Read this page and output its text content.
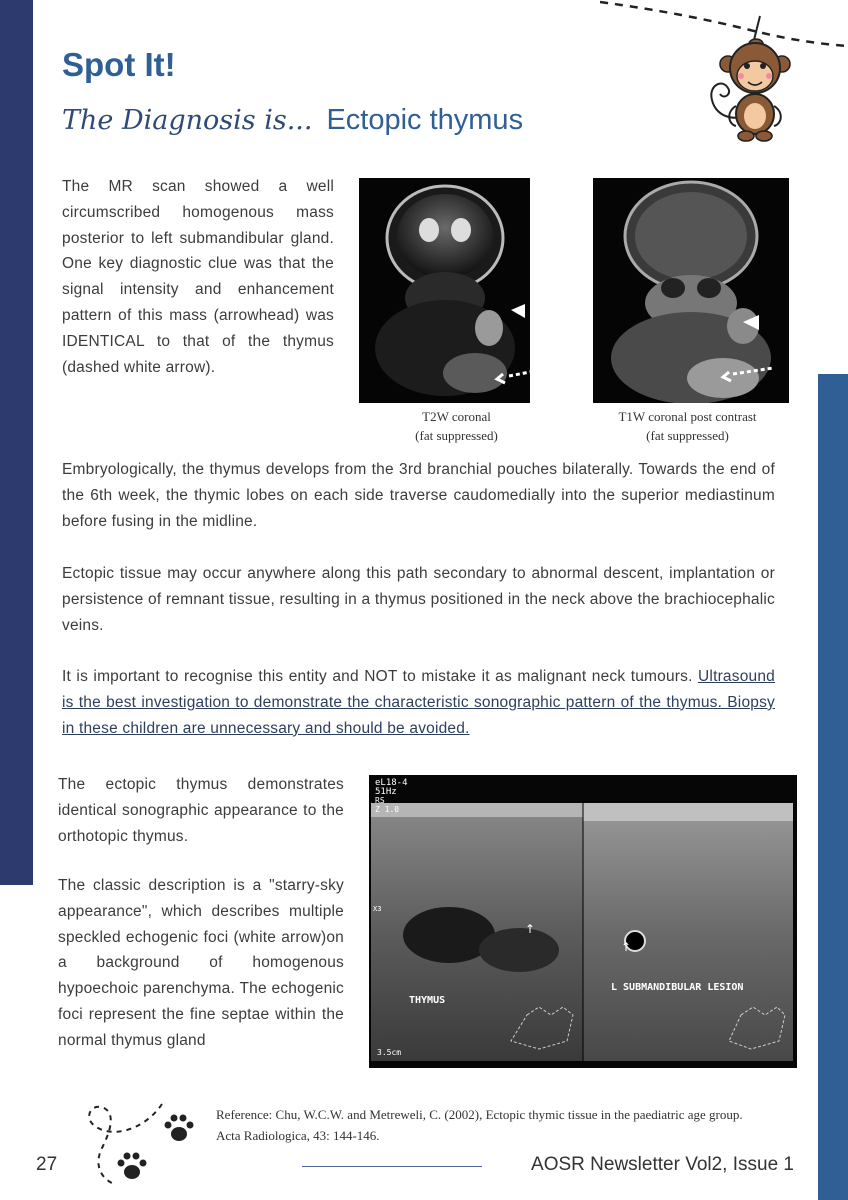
Spot It!
The Diagnosis is... Ectopic thymus
The MR scan showed a well circumscribed homogenous mass posterior to left submandibular gland. One key diagnostic clue was that the signal intensity and enhancement pattern of this mass (arrowhead) was IDENTICAL to that of the thymus (dashed white arrow).
T2W coronal
(fat suppressed)
T1W coronal post contrast
(fat suppressed)
Embryologically, the thymus develops from the 3rd branchial pouches bilaterally. Towards the end of the 6th week, the thymic lobes on each side traverse caudomedially into the superior mediastinum before fusing in the midline.
Ectopic tissue may occur anywhere along this path secondary to abnormal descent, implantation or persistence of remnant tissue, resulting in a thymus positioned in the neck above the brachiocephalic veins.
It is important to recognise this entity and NOT to mistake it as malignant neck tumours. Ultrasound is the best investigation to demonstrate the characteristic sonographic pattern of the thymus. Biopsy in these children are unnecessary and should be avoided.
The ectopic thymus demonstrates identical sonographic appearance to the orthotopic thymus.
The classic description is a "starry-sky appearance", which describes multiple speckled echogenic foci (white arrow)on a background of homogenous hypoechoic parenchyma. The echogenic foci represent the fine septae within the normal thymus gland
↑
↑
eL18-4
51Hz
RS
Z 1.0
X3
3.5cm
THYMUS
L SUBMANDIBULAR LESION
Reference: Chu, W.C.W. and Metreweli, C. (2002), Ectopic thymic tissue in the paediatric age group.
Acta Radiologica, 43: 144-146.
27	AOSR Newsletter Vol2, Issue 1
